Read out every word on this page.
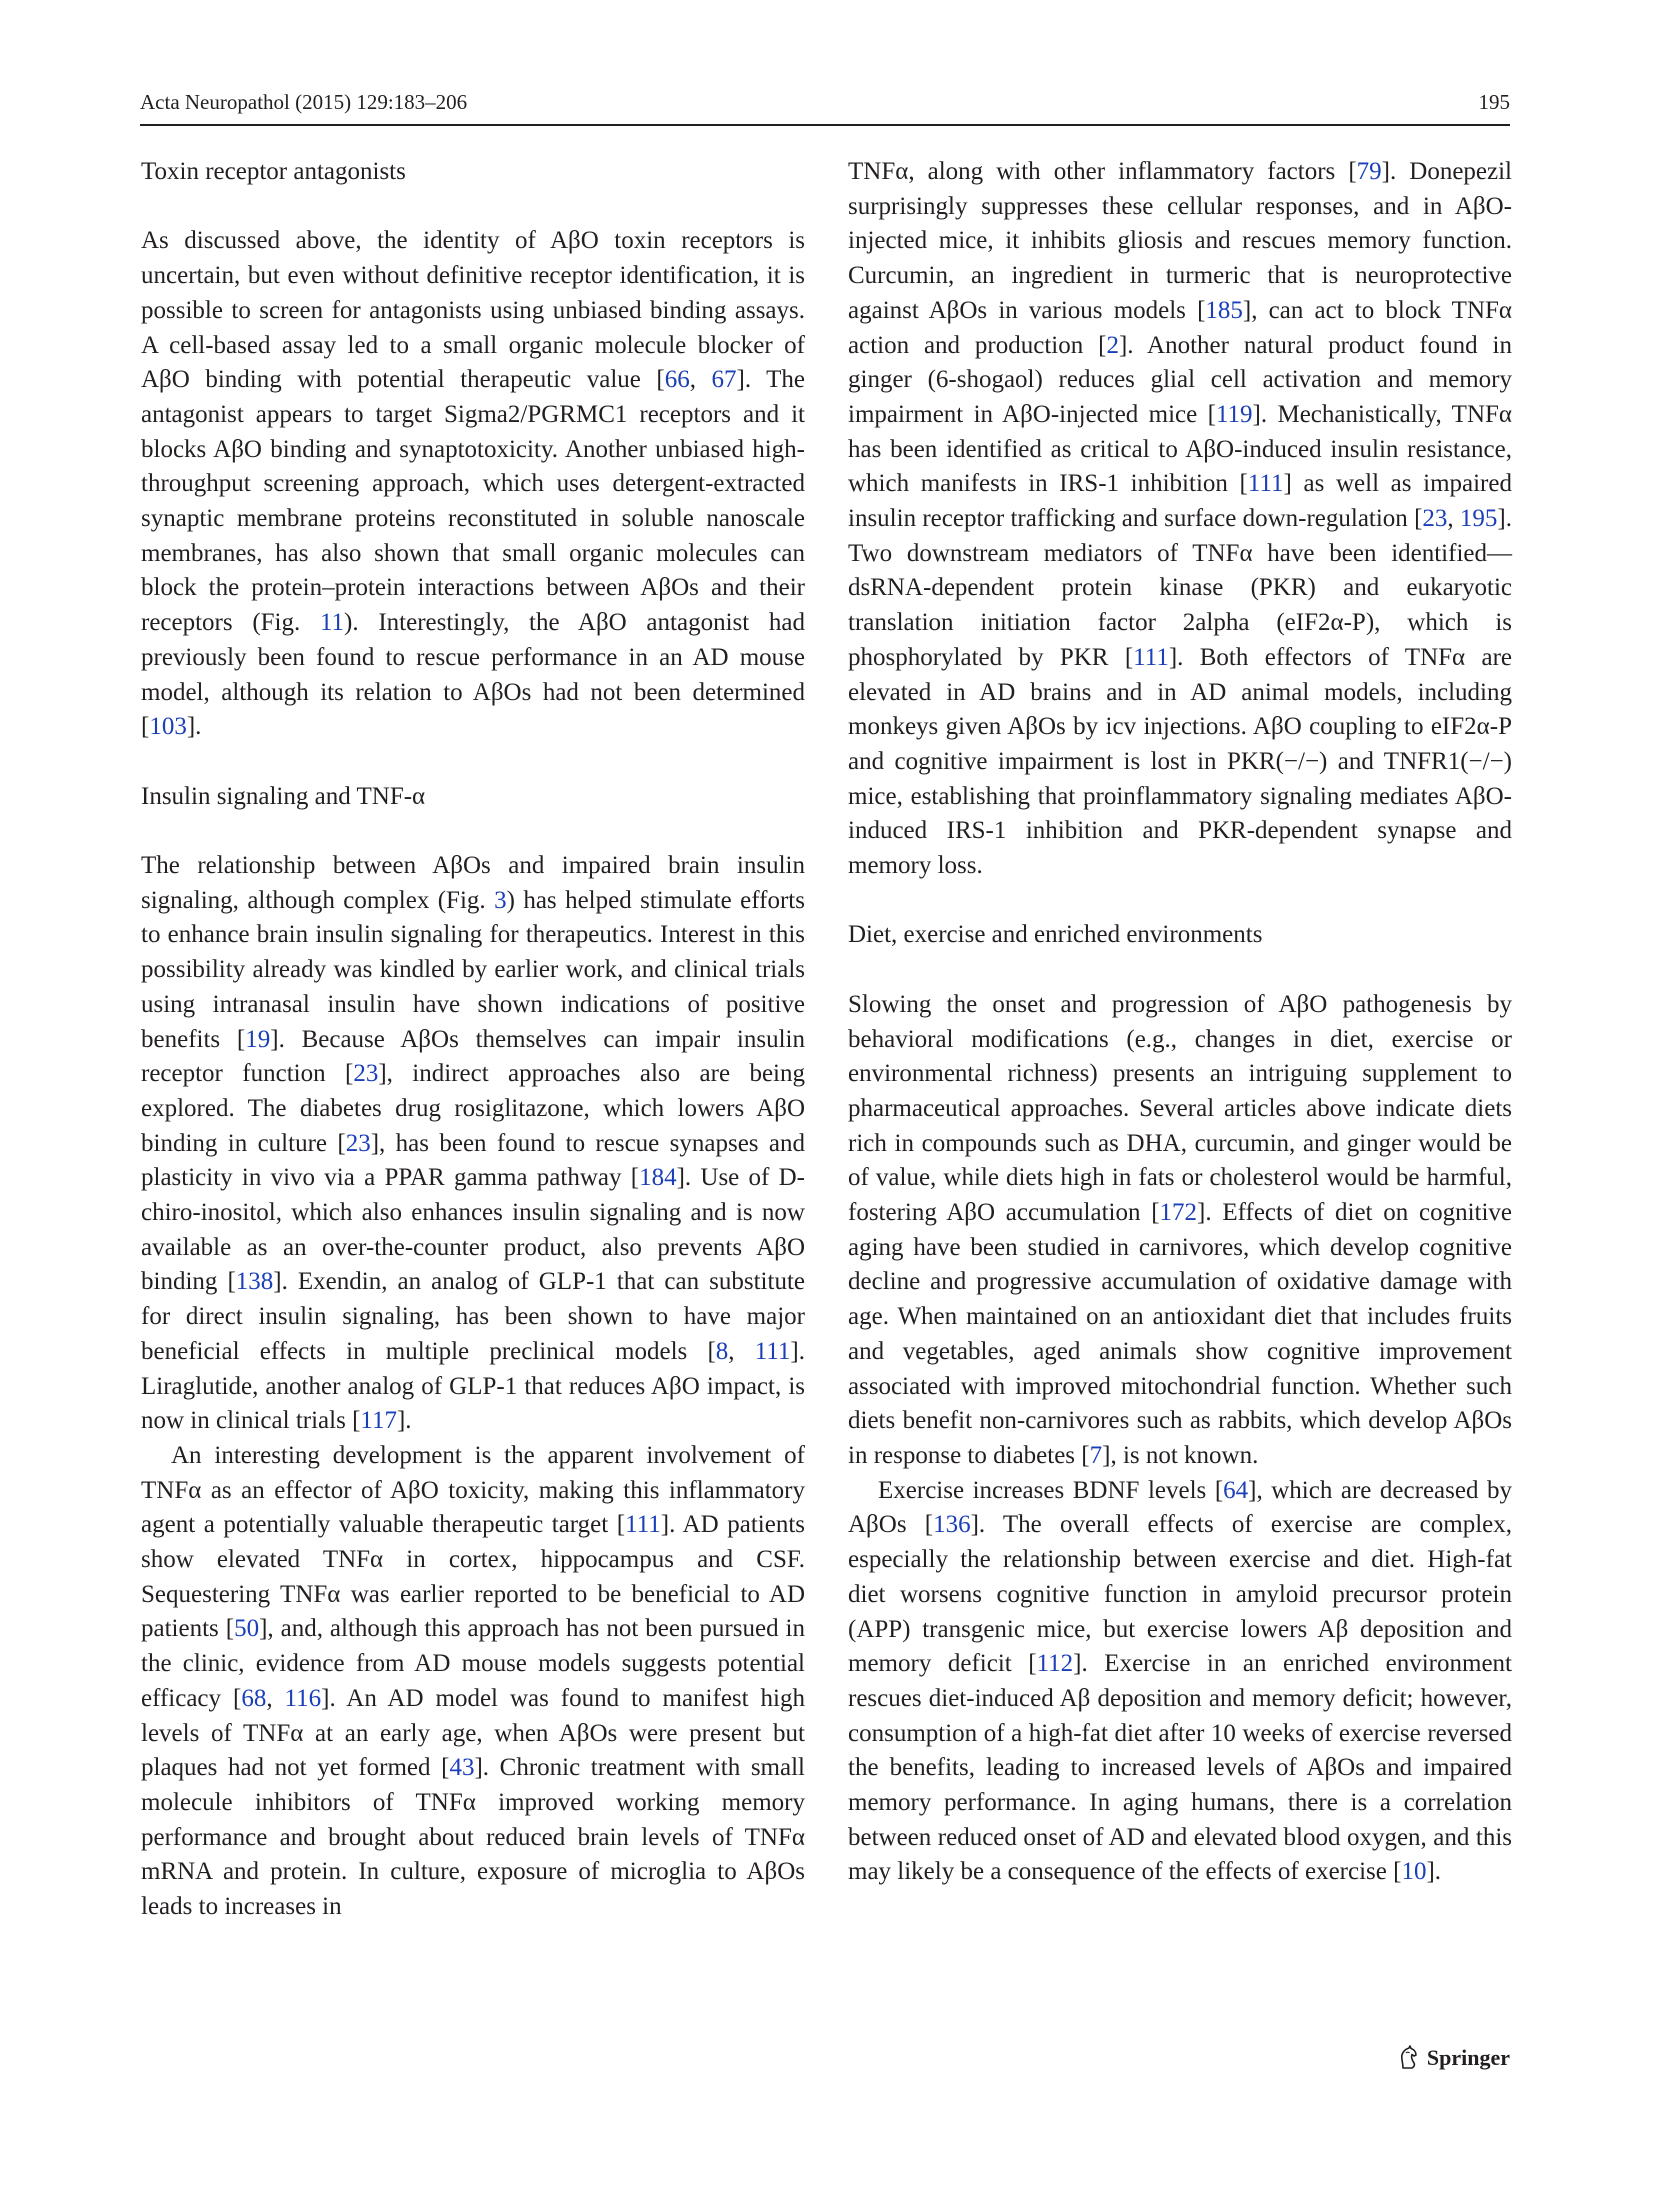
Acta Neuropathol (2015) 129:183–206	195
Toxin receptor antagonists

As discussed above, the identity of AβO toxin receptors is uncertain, but even without definitive receptor identification, it is possible to screen for antagonists using unbiased binding assays. A cell-based assay led to a small organic molecule blocker of AβO binding with potential therapeutic value [66, 67]. The antagonist appears to target Sigma2/PGRMC1 receptors and it blocks AβO binding and synaptotoxicity. Another unbiased high-throughput screening approach, which uses detergent-extracted synaptic membrane proteins reconstituted in soluble nanoscale membranes, has also shown that small organic molecules can block the protein–protein interactions between AβOs and their receptors (Fig. 11). Interestingly, the AβO antagonist had previously been found to rescue performance in an AD mouse model, although its relation to AβOs had not been determined [103].

Insulin signaling and TNF-α

The relationship between AβOs and impaired brain insulin signaling, although complex (Fig. 3) has helped stimulate efforts to enhance brain insulin signaling for therapeutics. Interest in this possibility already was kindled by earlier work, and clinical trials using intranasal insulin have shown indications of positive benefits [19]. Because AβOs themselves can impair insulin receptor function [23], indirect approaches also are being explored. The diabetes drug rosiglitazone, which lowers AβO binding in culture [23], has been found to rescue synapses and plasticity in vivo via a PPAR gamma pathway [184]. Use of D-chiro-inositol, which also enhances insulin signaling and is now available as an over-the-counter product, also prevents AβO binding [138]. Exendin, an analog of GLP-1 that can substitute for direct insulin signaling, has been shown to have major beneficial effects in multiple preclinical models [8, 111]. Liraglutide, another analog of GLP-1 that reduces AβO impact, is now in clinical trials [117].

An interesting development is the apparent involvement of TNFα as an effector of AβO toxicity, making this inflammatory agent a potentially valuable therapeutic target [111]. AD patients show elevated TNFα in cortex, hippocampus and CSF. Sequestering TNFα was earlier reported to be beneficial to AD patients [50], and, although this approach has not been pursued in the clinic, evidence from AD mouse models suggests potential efficacy [68, 116]. An AD model was found to manifest high levels of TNFα at an early age, when AβOs were present but plaques had not yet formed [43]. Chronic treatment with small molecule inhibitors of TNFα improved working memory performance and brought about reduced brain levels of TNFα mRNA and protein. In culture, exposure of microglia to AβOs leads to increases in

TNFα, along with other inflammatory factors [79]. Donepezil surprisingly suppresses these cellular responses, and in AβO-injected mice, it inhibits gliosis and rescues memory function. Curcumin, an ingredient in turmeric that is neuroprotective against AβOs in various models [185], can act to block TNFα action and production [2]. Another natural product found in ginger (6-shogaol) reduces glial cell activation and memory impairment in AβO-injected mice [119]. Mechanistically, TNFα has been identified as critical to AβO-induced insulin resistance, which manifests in IRS-1 inhibition [111] as well as impaired insulin receptor trafficking and surface down-regulation [23, 195]. Two downstream mediators of TNFα have been identified—dsRNA-dependent protein kinase (PKR) and eukaryotic translation initiation factor 2alpha (eIF2α-P), which is phosphorylated by PKR [111]. Both effectors of TNFα are elevated in AD brains and in AD animal models, including monkeys given AβOs by icv injections. AβO coupling to eIF2α-P and cognitive impairment is lost in PKR(−/−) and TNFR1(−/−) mice, establishing that proinflammatory signaling mediates AβO-induced IRS-1 inhibition and PKR-dependent synapse and memory loss.

Diet, exercise and enriched environments

Slowing the onset and progression of AβO pathogenesis by behavioral modifications (e.g., changes in diet, exercise or environmental richness) presents an intriguing supplement to pharmaceutical approaches. Several articles above indicate diets rich in compounds such as DHA, curcumin, and ginger would be of value, while diets high in fats or cholesterol would be harmful, fostering AβO accumulation [172]. Effects of diet on cognitive aging have been studied in carnivores, which develop cognitive decline and progressive accumulation of oxidative damage with age. When maintained on an antioxidant diet that includes fruits and vegetables, aged animals show cognitive improvement associated with improved mitochondrial function. Whether such diets benefit non-carnivores such as rabbits, which develop AβOs in response to diabetes [7], is not known.

Exercise increases BDNF levels [64], which are decreased by AβOs [136]. The overall effects of exercise are complex, especially the relationship between exercise and diet. High-fat diet worsens cognitive function in amyloid precursor protein (APP) transgenic mice, but exercise lowers Aβ deposition and memory deficit [112]. Exercise in an enriched environment rescues diet-induced Aβ deposition and memory deficit; however, consumption of a high-fat diet after 10 weeks of exercise reversed the benefits, leading to increased levels of AβOs and impaired memory performance. In aging humans, there is a correlation between reduced onset of AD and elevated blood oxygen, and this may likely be a consequence of the effects of exercise [10].

Springer
